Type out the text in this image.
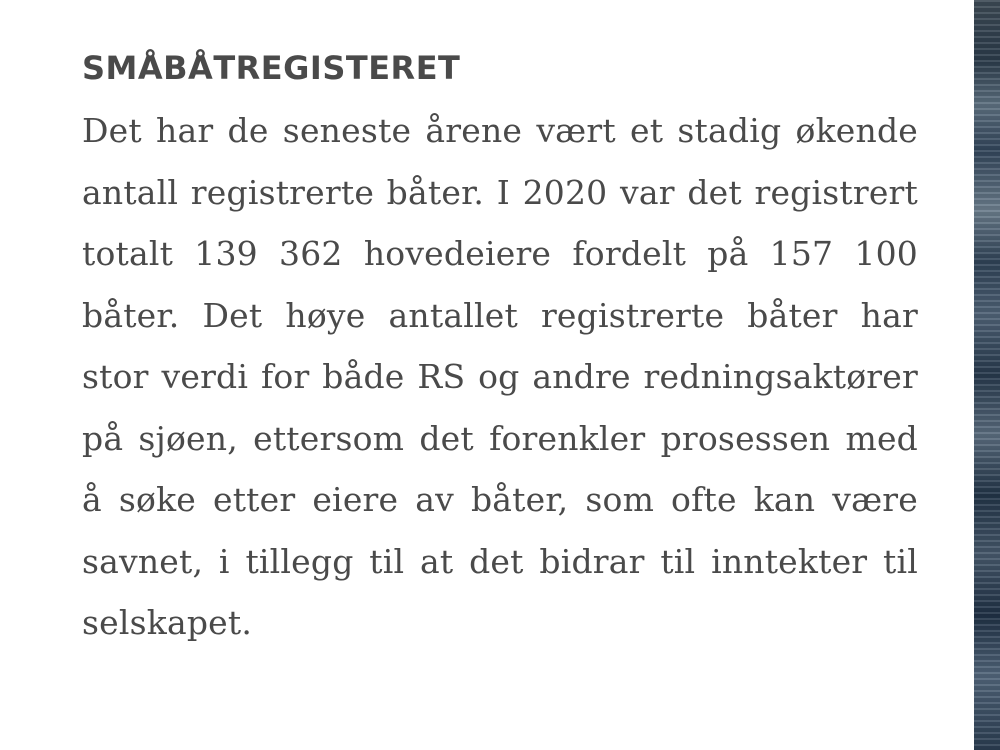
SMÅBÅTREGISTERET

Det har de seneste årene vært et stadig økende antall registrerte båter. I 2020 var det registrert totalt 139 362 hovedeiere fordelt på 157 100 båter. Det høye antallet registrerte båter har stor verdi for både RS og andre redningsaktører på sjøen, ettersom det forenkler prosessen med å søke etter eiere av båter, som ofte kan være savnet, i tillegg til at det bidrar til inntekter til selskapet.
